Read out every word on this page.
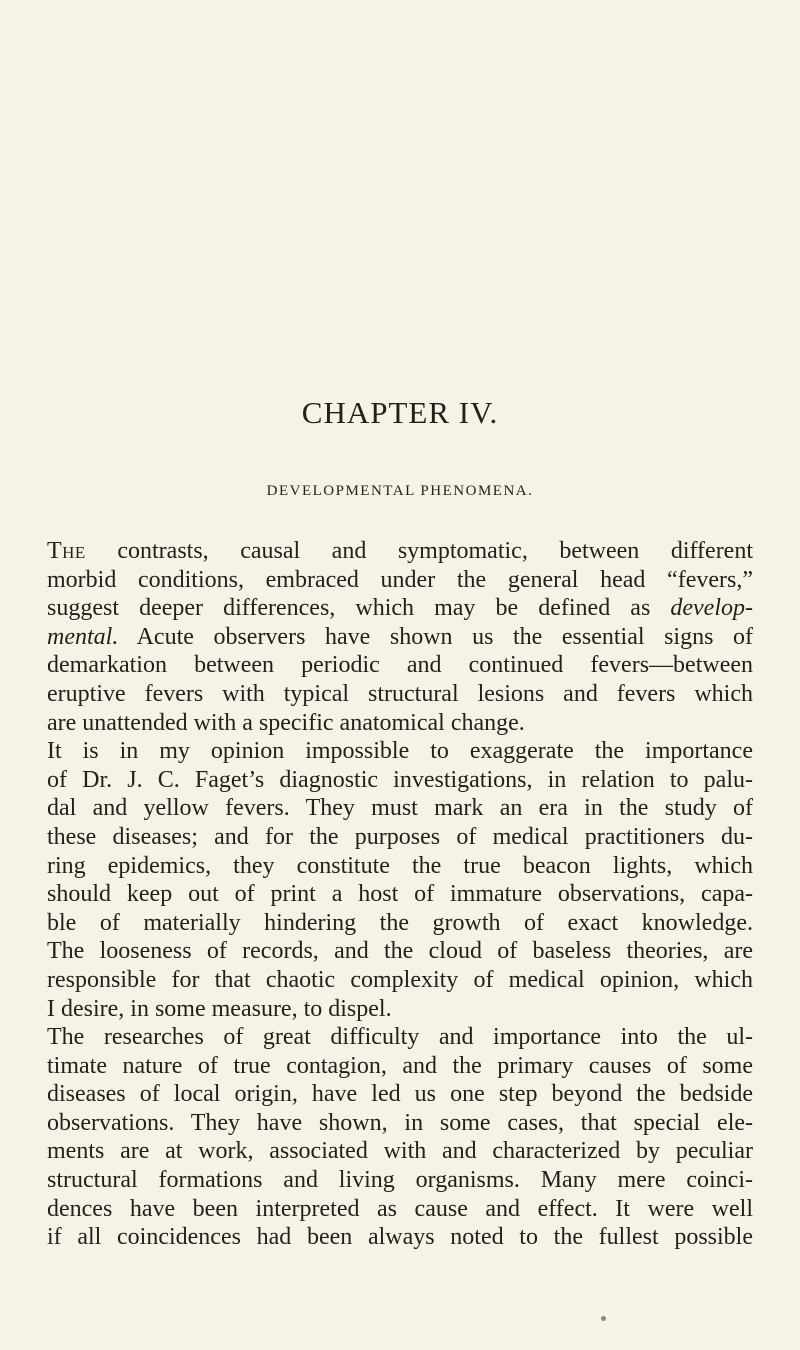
CHAPTER IV.
DEVELOPMENTAL PHENOMENA.
The contrasts, causal and symptomatic, between different
morbid conditions, embraced under the general head “fevers,”
suggest deeper differences, which may be defined as develop-
mental. Acute observers have shown us the essential signs of
demarkation between periodic and continued fevers—between
eruptive fevers with typical structural lesions and fevers which
are unattended with a specific anatomical change.
It is in my opinion impossible to exaggerate the importance
of Dr. J. C. Faget’s diagnostic investigations, in relation to palu-
dal and yellow fevers. They must mark an era in the study of
these diseases; and for the purposes of medical practitioners du-
ring epidemics, they constitute the true beacon lights, which
should keep out of print a host of immature observations, capa-
ble of materially hindering the growth of exact knowledge.
The looseness of records, and the cloud of baseless theories, are
responsible for that chaotic complexity of medical opinion, which
I desire, in some measure, to dispel.
The researches of great difficulty and importance into the ul-
timate nature of true contagion, and the primary causes of some
diseases of local origin, have led us one step beyond the bedside
observations. They have shown, in some cases, that special ele-
ments are at work, associated with and characterized by peculiar
structural formations and living organisms. Many mere coinci-
dences have been interpreted as cause and effect. It were well
if all coincidences had been always noted to the fullest possible
